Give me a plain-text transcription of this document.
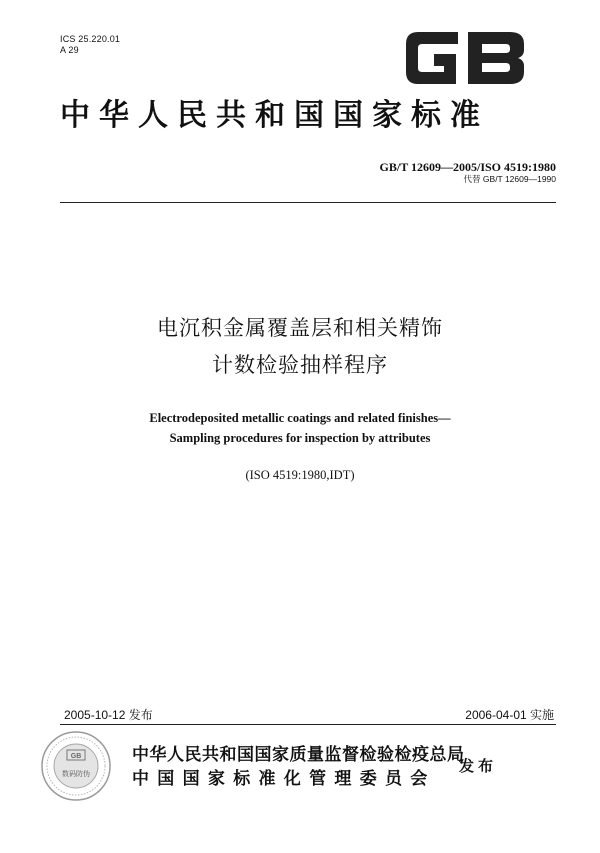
ICS 25.220.01
A 29
中华人民共和国国家标准
GB/T 12609—2005/ISO 4519:1980
代替 GB/T 12609—1990
电沉积金属覆盖层和相关精饰
计数检验抽样程序
Electrodeposited metallic coatings and related finishes—
Sampling procedures for inspection by attributes
(ISO 4519:1980,IDT)
2005-10-12 发布	2006-04-01 实施
GB
数码防伪
中华人民共和国国家质量监督检验检疫总局
中国国家标准化管理委员会
发布
